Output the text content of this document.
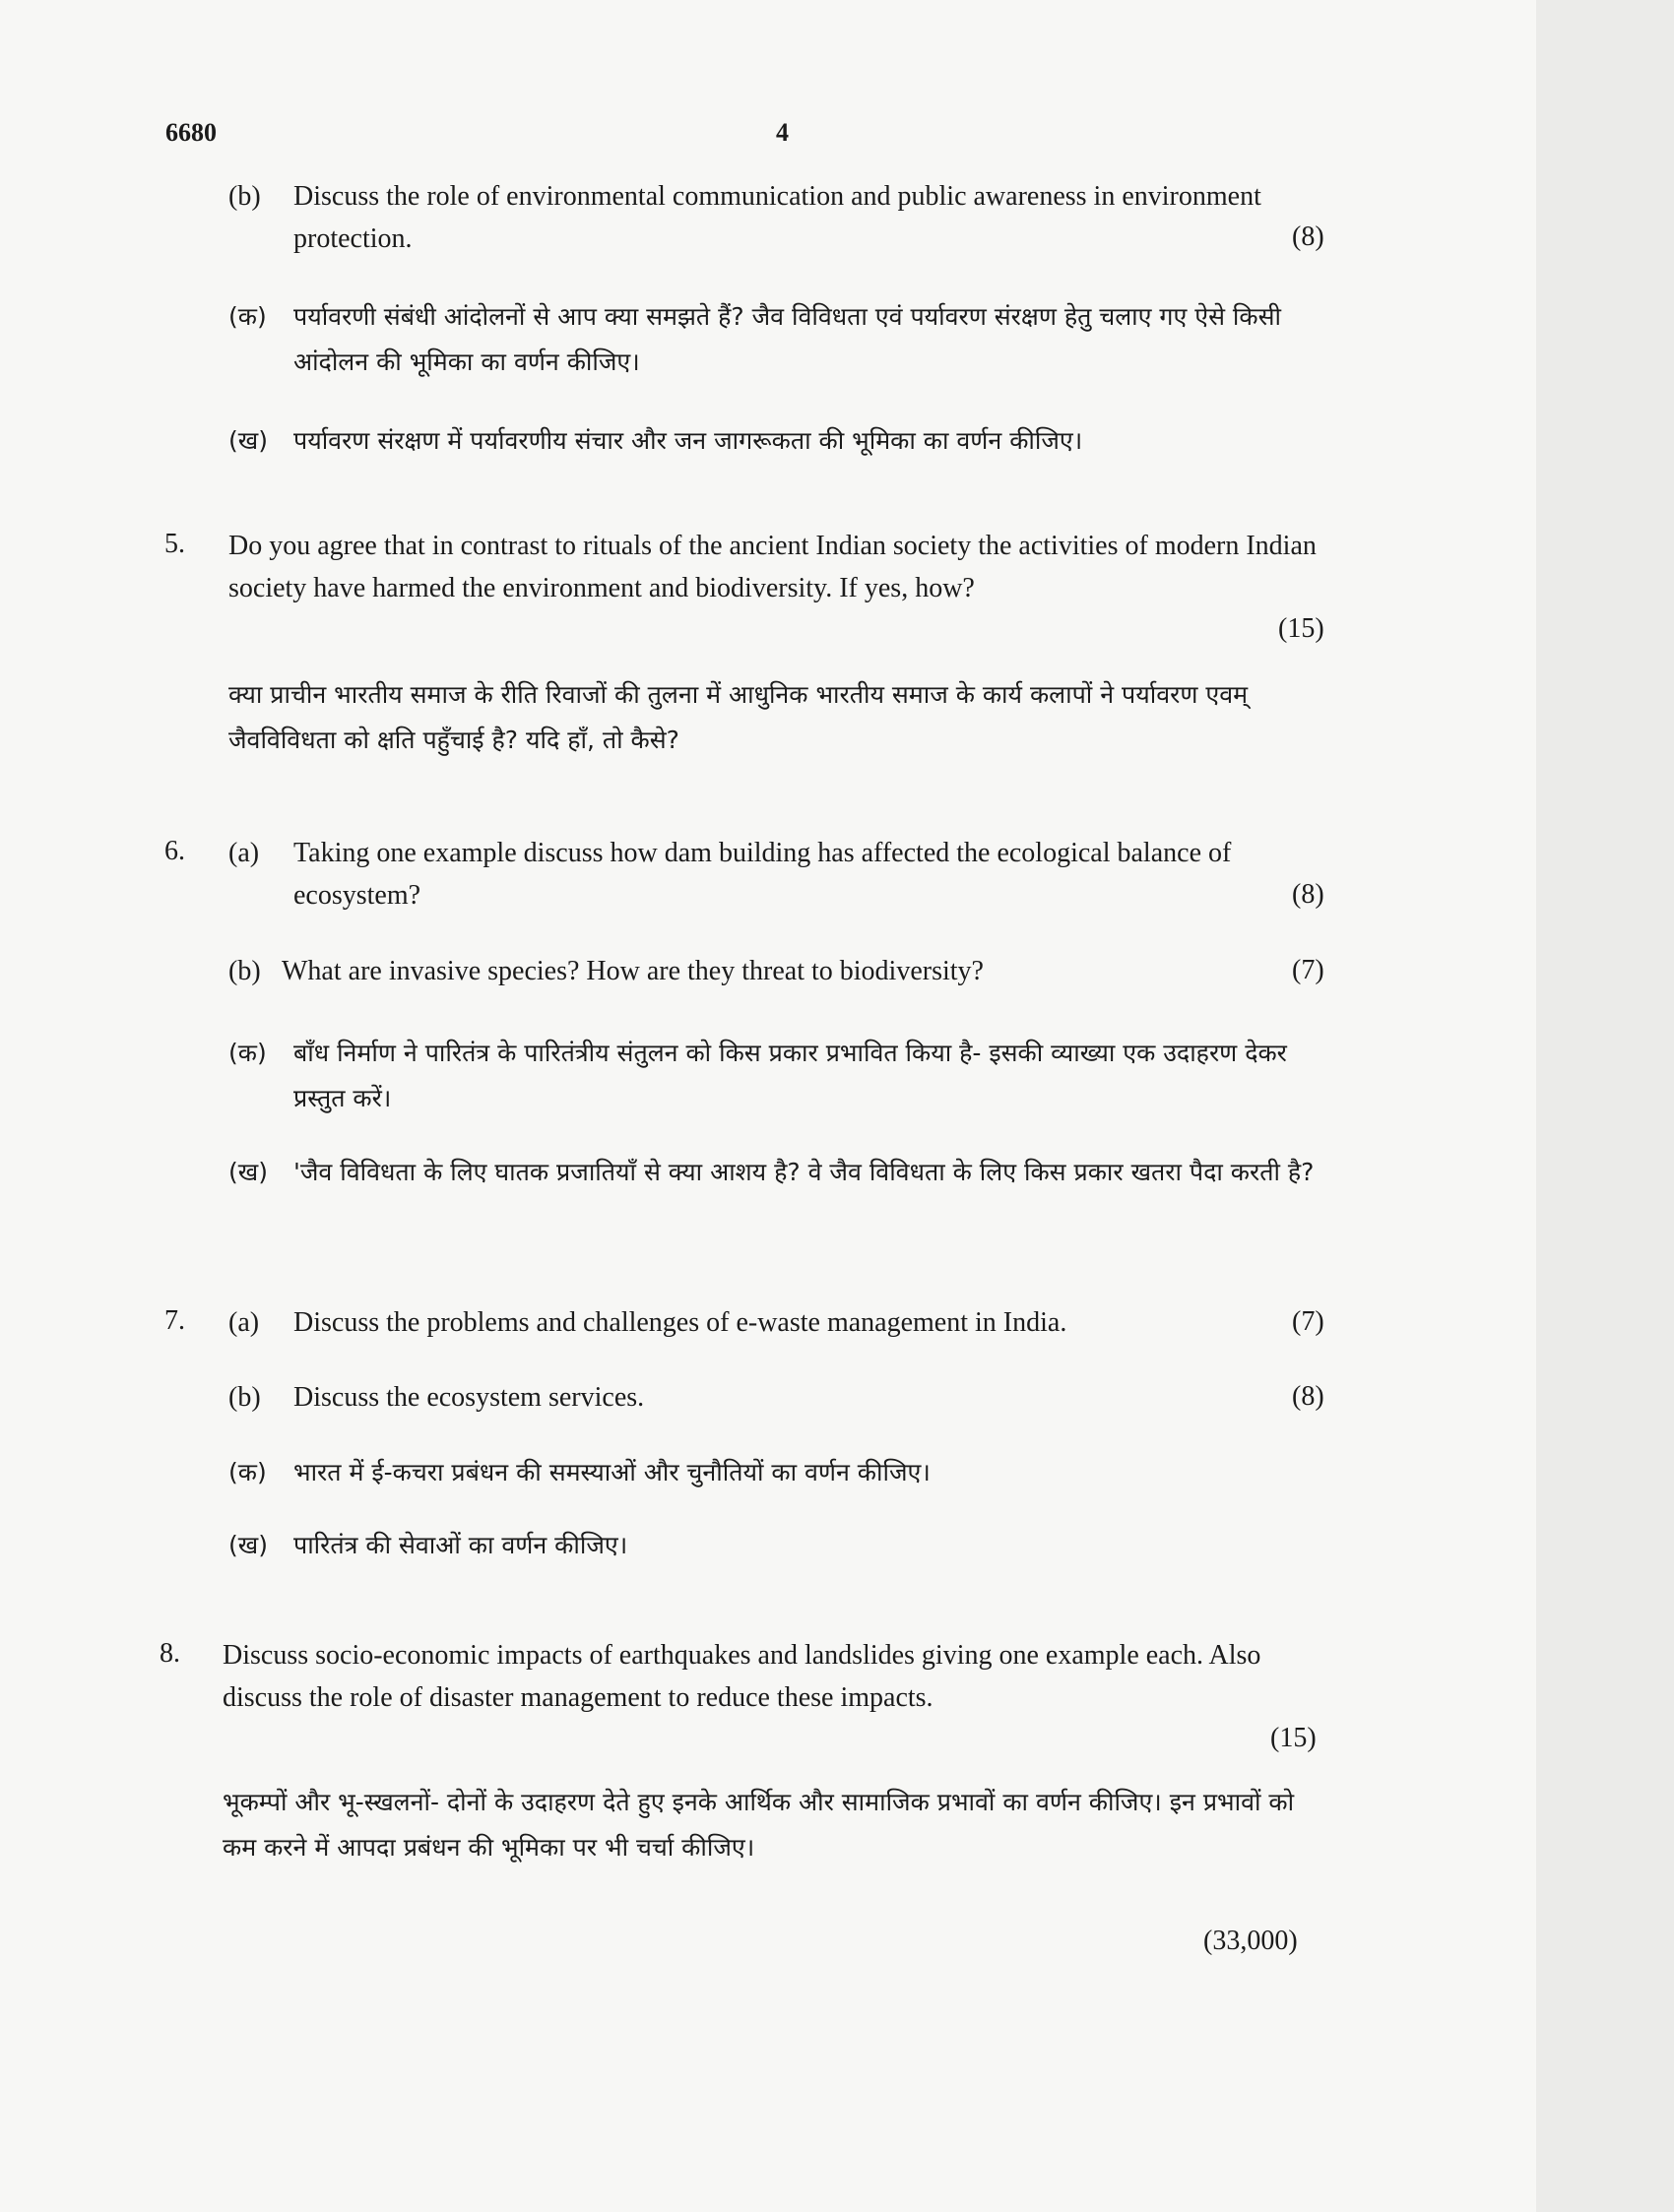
6680	4
(b) Discuss the role of environmental communication and public awareness in environment protection.	(8)
(क) पर्यावरणी संबंधी आंदोलनों से आप क्या समझते हैं? जैव विविधता एवं पर्यावरण संरक्षण हेतु चलाए गए ऐसे किसी आंदोलन की भूमिका का वर्णन कीजिए।
(ख) पर्यावरण संरक्षण में पर्यावरणीय संचार और जन जागरूकता की भूमिका का वर्णन कीजिए।
5. Do you agree that in contrast to rituals of the ancient Indian society the activities of modern Indian society have harmed the environment and biodiversity. If yes, how?
(15)
क्या प्राचीन भारतीय समाज के रीति रिवाजों की तुलना में आधुनिक भारतीय समाज के कार्य कलापों ने पर्यावरण एवम् जैवविविधता को क्षति पहुँचाई है? यदि हाँ, तो कैसे?
6. (a) Taking one example discuss how dam building has affected the ecological balance of ecosystem?	(8)
(b) What are invasive species? How are they threat to biodiversity?	(7)
(क) बाँध निर्माण ने पारितंत्र के पारितंत्रीय संतुलन को किस प्रकार प्रभावित किया है- इसकी व्याख्या एक उदाहरण देकर प्रस्तुत करें।
(ख) 'जैव विविधता के लिए घातक प्रजातियाँ से क्या आशय है? वे जैव विविधता के लिए किस प्रकार खतरा पैदा करती है?
7. (a) Discuss the problems and challenges of e-waste management in India.	(7)
(b) Discuss the ecosystem services.	(8)
(क) भारत में ई-कचरा प्रबंधन की समस्याओं और चुनौतियों का वर्णन कीजिए।
(ख) पारितंत्र की सेवाओं का वर्णन कीजिए।
8. Discuss socio-economic impacts of earthquakes and landslides giving one example each. Also discuss the role of disaster management to reduce these impacts.
(15)
भूकम्पों और भू-स्खलनों- दोनों के उदाहरण देते हुए इनके आर्थिक और सामाजिक प्रभावों का वर्णन कीजिए। इन प्रभावों को कम करने में आपदा प्रबंधन की भूमिका पर भी चर्चा कीजिए।
(33,000)
